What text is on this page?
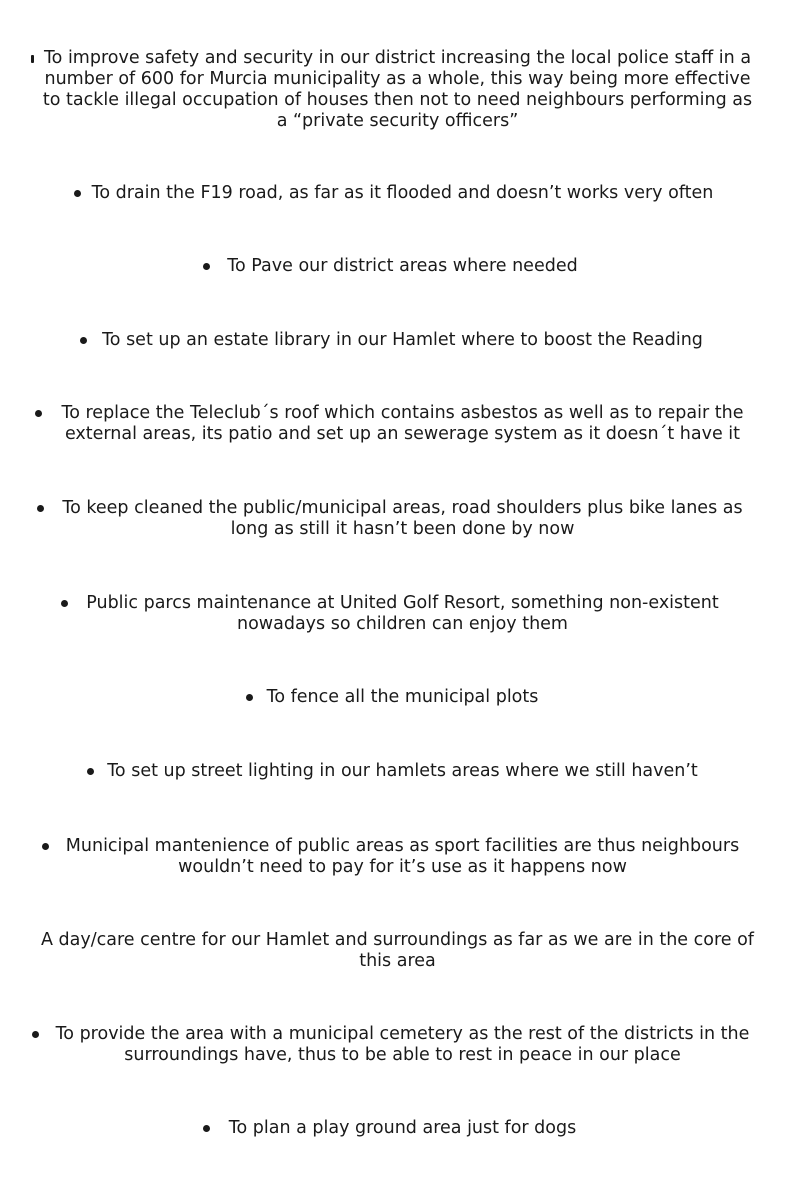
To improve safety and security in our district increasing the local police staff in a
number of 600 for Murcia municipality as a whole, this way being more effective
to tackle illegal occupation of houses then not to need neighbours performing as
a “private security officers”
To drain the F19 road, as far as it flooded and doesn’t works very often
To Pave our district areas where needed
To set up an estate library in our Hamlet where to boost the Reading
To replace the Teleclub´s roof which contains asbestos as well as to repair the
external areas, its patio and set up an sewerage system as it doesn´t have it
To keep cleaned the public/municipal areas, road shoulders plus bike lanes as
long as still it hasn’t been done by now
Public parcs maintenance at United Golf Resort, something non-existent
nowadays so children can enjoy them
To fence all the municipal plots
To set up street lighting in our hamlets areas where we still haven’t
Municipal mantenience of public areas as sport facilities are thus neighbours
wouldn’t need to pay for it’s use as it happens now
A day/care centre for our Hamlet and surroundings as far as we are in the core of
this area
To provide the area with a municipal cemetery as the rest of the districts in the
surroundings have, thus to be able to rest in peace in our place
To plan a play ground area just for dogs
